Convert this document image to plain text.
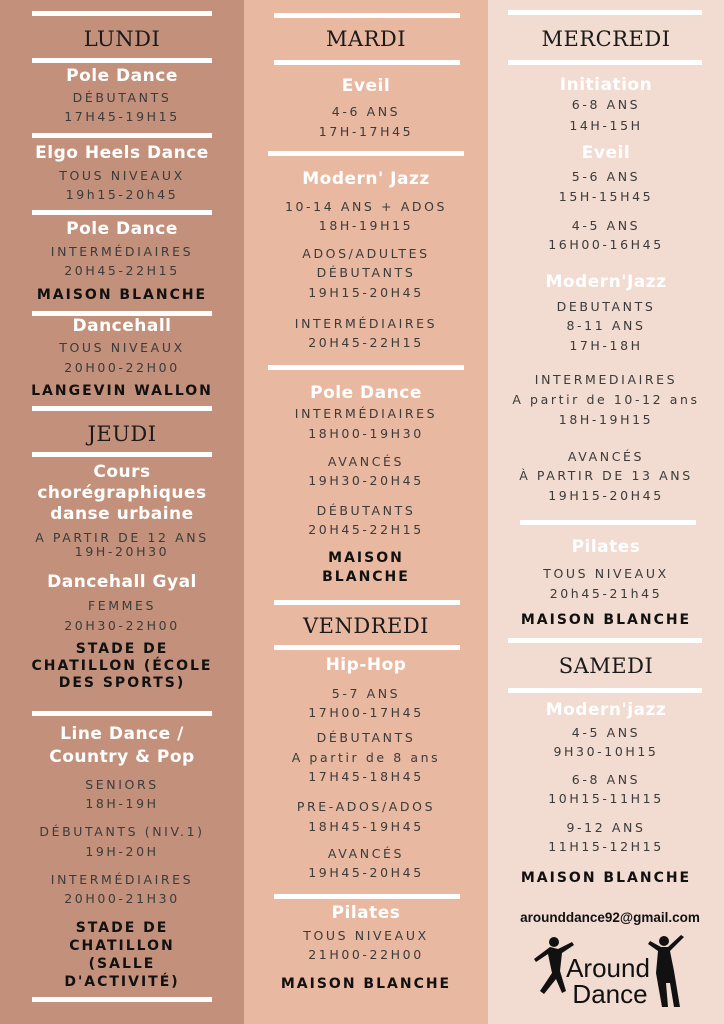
LUNDI
Pole Dance
DÉBUTANTS
17H45-19H15
Elgo Heels Dance
TOUS NIVEAUX
19h15-20h45
Pole Dance
INTERMÉDIAIRES
20H45-22H15
MAISON BLANCHE
Dancehall
TOUS NIVEAUX
20H00-22H00
LANGEVIN WALLON
JEUDI
Cours
chorégraphiques
danse urbaine
A PARTIR DE 12 ANS
19H-20H30
Dancehall Gyal
FEMMES
20H30-22H00
STADE DE
CHATILLON (ÉCOLE
DES SPORTS)
Line Dance /
Country & Pop
SENIORS
18H-19H
DÉBUTANTS (NIV.1)
19H-20H
INTERMÉDIAIRES
20H00-21H30
STADE DE
CHATILLON
(SALLE
D'ACTIVITÉ)
MARDI
Eveil
4-6 ANS
17H-17H45
Modern' Jazz
10-14 ANS + ADOS
18H-19H15
ADOS/ADULTES
DÉBUTANTS
19H15-20H45
INTERMÉDIAIRES
20H45-22H15
Pole Dance
INTERMÉDIAIRES
18H00-19H30
AVANCÉS
19H30-20H45
DÉBUTANTS
20H45-22H15
MAISON
BLANCHE
VENDREDI
Hip-Hop
5-7 ANS
17H00-17H45
DÉBUTANTS
A partir de 8 ans
17H45-18H45
PRE-ADOS/ADOS
18H45-19H45
AVANCÉS
19H45-20H45
Pilates
TOUS NIVEAUX
21H00-22H00
MAISON BLANCHE
MERCREDI
Initiation
6-8 ANS
14H-15H
Eveil
5-6 ANS
15H-15H45
4-5 ANS
16H00-16H45
Modern'Jazz
DEBUTANTS
8-11 ANS
17H-18H
INTERMEDIAIRES
A partir de 10-12 ans
18H-19H15
AVANCÉS
À PARTIR DE 13 ANS
19H15-20H45
Pilates
TOUS NIVEAUX
20h45-21h45
MAISON BLANCHE
SAMEDI
Modern'jazz
4-5 ANS
9H30-10H15
6-8 ANS
10H15-11H15
9-12 ANS
11H15-12H15
MAISON BLANCHE
arounddance92@gmail.com
Around
Dance
